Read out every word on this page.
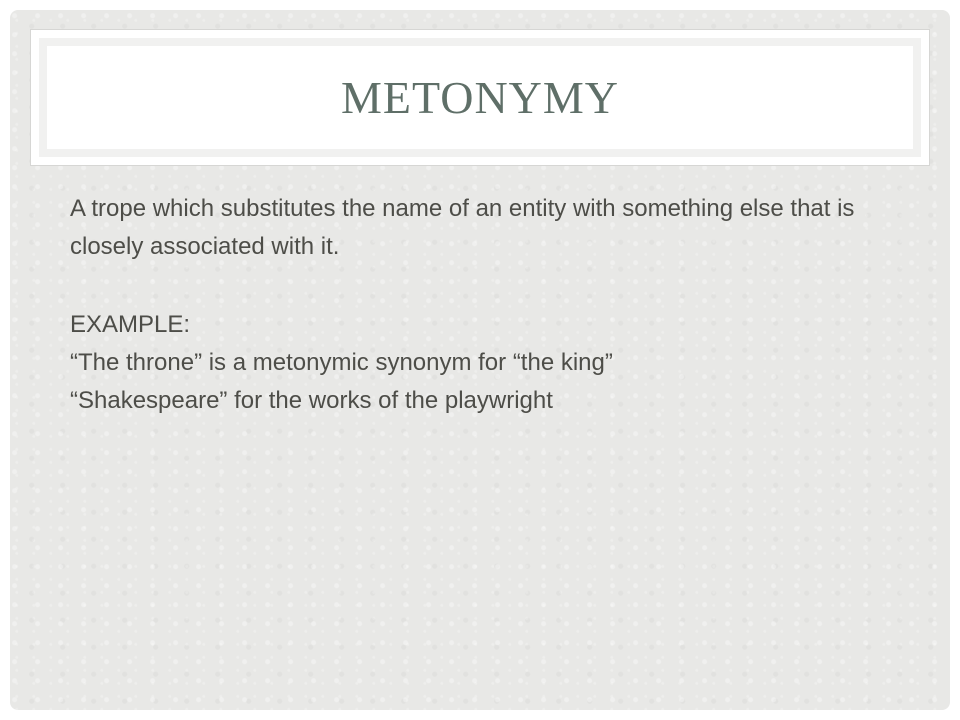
METONYMY

A trope which substitutes the name of an entity with something else that is closely associated with it.

EXAMPLE:

“The throne” is a metonymic synonym for “the king”

“Shakespeare” for the works of the playwright
